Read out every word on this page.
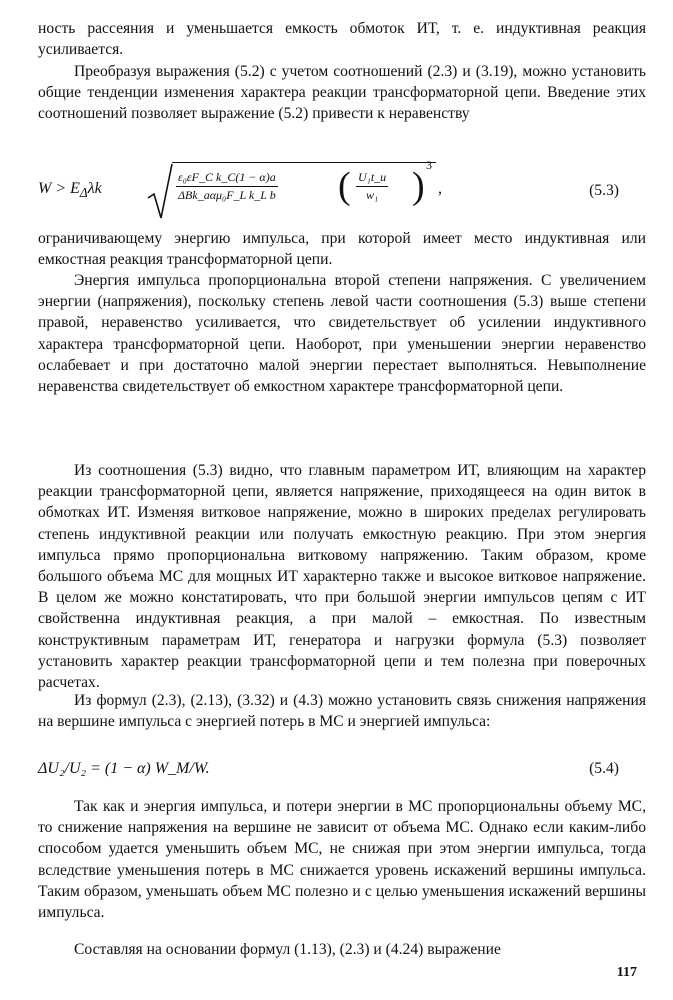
ность рассеяния и уменьшается емкость обмоток ИТ, т. е. индуктивная реакция усиливается.

Преобразуя выражения (5.2) с учетом соотношений (2.3) и (3.19), можно установить общие тенденции изменения характера реакции трансформаторной цепи. Введение этих соотношений позволяет выражение (5.2) привести к неравенству

$W > E_\Delta\lambda k$
ε₀εF_C k_C(1 − α)a
ΔBk_aαμ₀F_L k_L b ( U₁t_и
w₁ ) 3
,	(5.3)

ограничивающему энергию импульса, при которой имеет место индуктивная или емкостная реакция трансформаторной цепи.

Энергия импульса пропорциональна второй степени напряжения. С увеличением энергии (напряжения), поскольку степень левой части соотношения (5.3) выше степени правой, неравенство усиливается, что свидетельствует об усилении индуктивного характера трансформаторной цепи. Наоборот, при уменьшении энергии неравенство ослабевает и при достаточно малой энергии перестает выполняться. Невыполнение неравенства свидетельствует об емкостном характере трансформаторной цепи.

Из соотношения (5.3) видно, что главным параметром ИТ, влияющим на характер реакции трансформаторной цепи, является напряжение, приходящееся на один виток в обмотках ИТ. Изменяя витковое напряжение, можно в широких пределах регулировать степень индуктивной реакции или получать емкостную реакцию. При этом энергия импульса прямо пропорциональна витковому напряжению. Таким образом, кроме большого объема МС для мощных ИТ характерно также и высокое витковое напряжение. В целом же можно констатировать, что при большой энергии импульсов цепям с ИТ свойственна индуктивная реакция, а при малой – емкостная. По известным конструктивным параметрам ИТ, генератора и нагрузки формула (5.3) позволяет установить характер реакции трансформаторной цепи и тем полезна при поверочных расчетах.

Из формул (2.3), (2.13), (3.32) и (4.3) можно установить связь снижения напряжения на вершине импульса с энергией потерь в МС и энергией импульса:

ΔU₂/U₂ = (1 − α) W_M/W.	(5.4)

Так как и энергия импульса, и потери энергии в МС пропорциональны объему МС, то снижение напряжения на вершине не зависит от объема МС. Однако если каким-либо способом удается уменьшить объем МС, не снижая при этом энергии импульса, тогда вследствие уменьшения потерь в МС снижается уровень искажений вершины импульса. Таким образом, уменьшать объем МС полезно и с целью уменьшения искажений вершины импульса.

Составляя на основании формул (1.13), (2.3) и (4.24) выражение

117
